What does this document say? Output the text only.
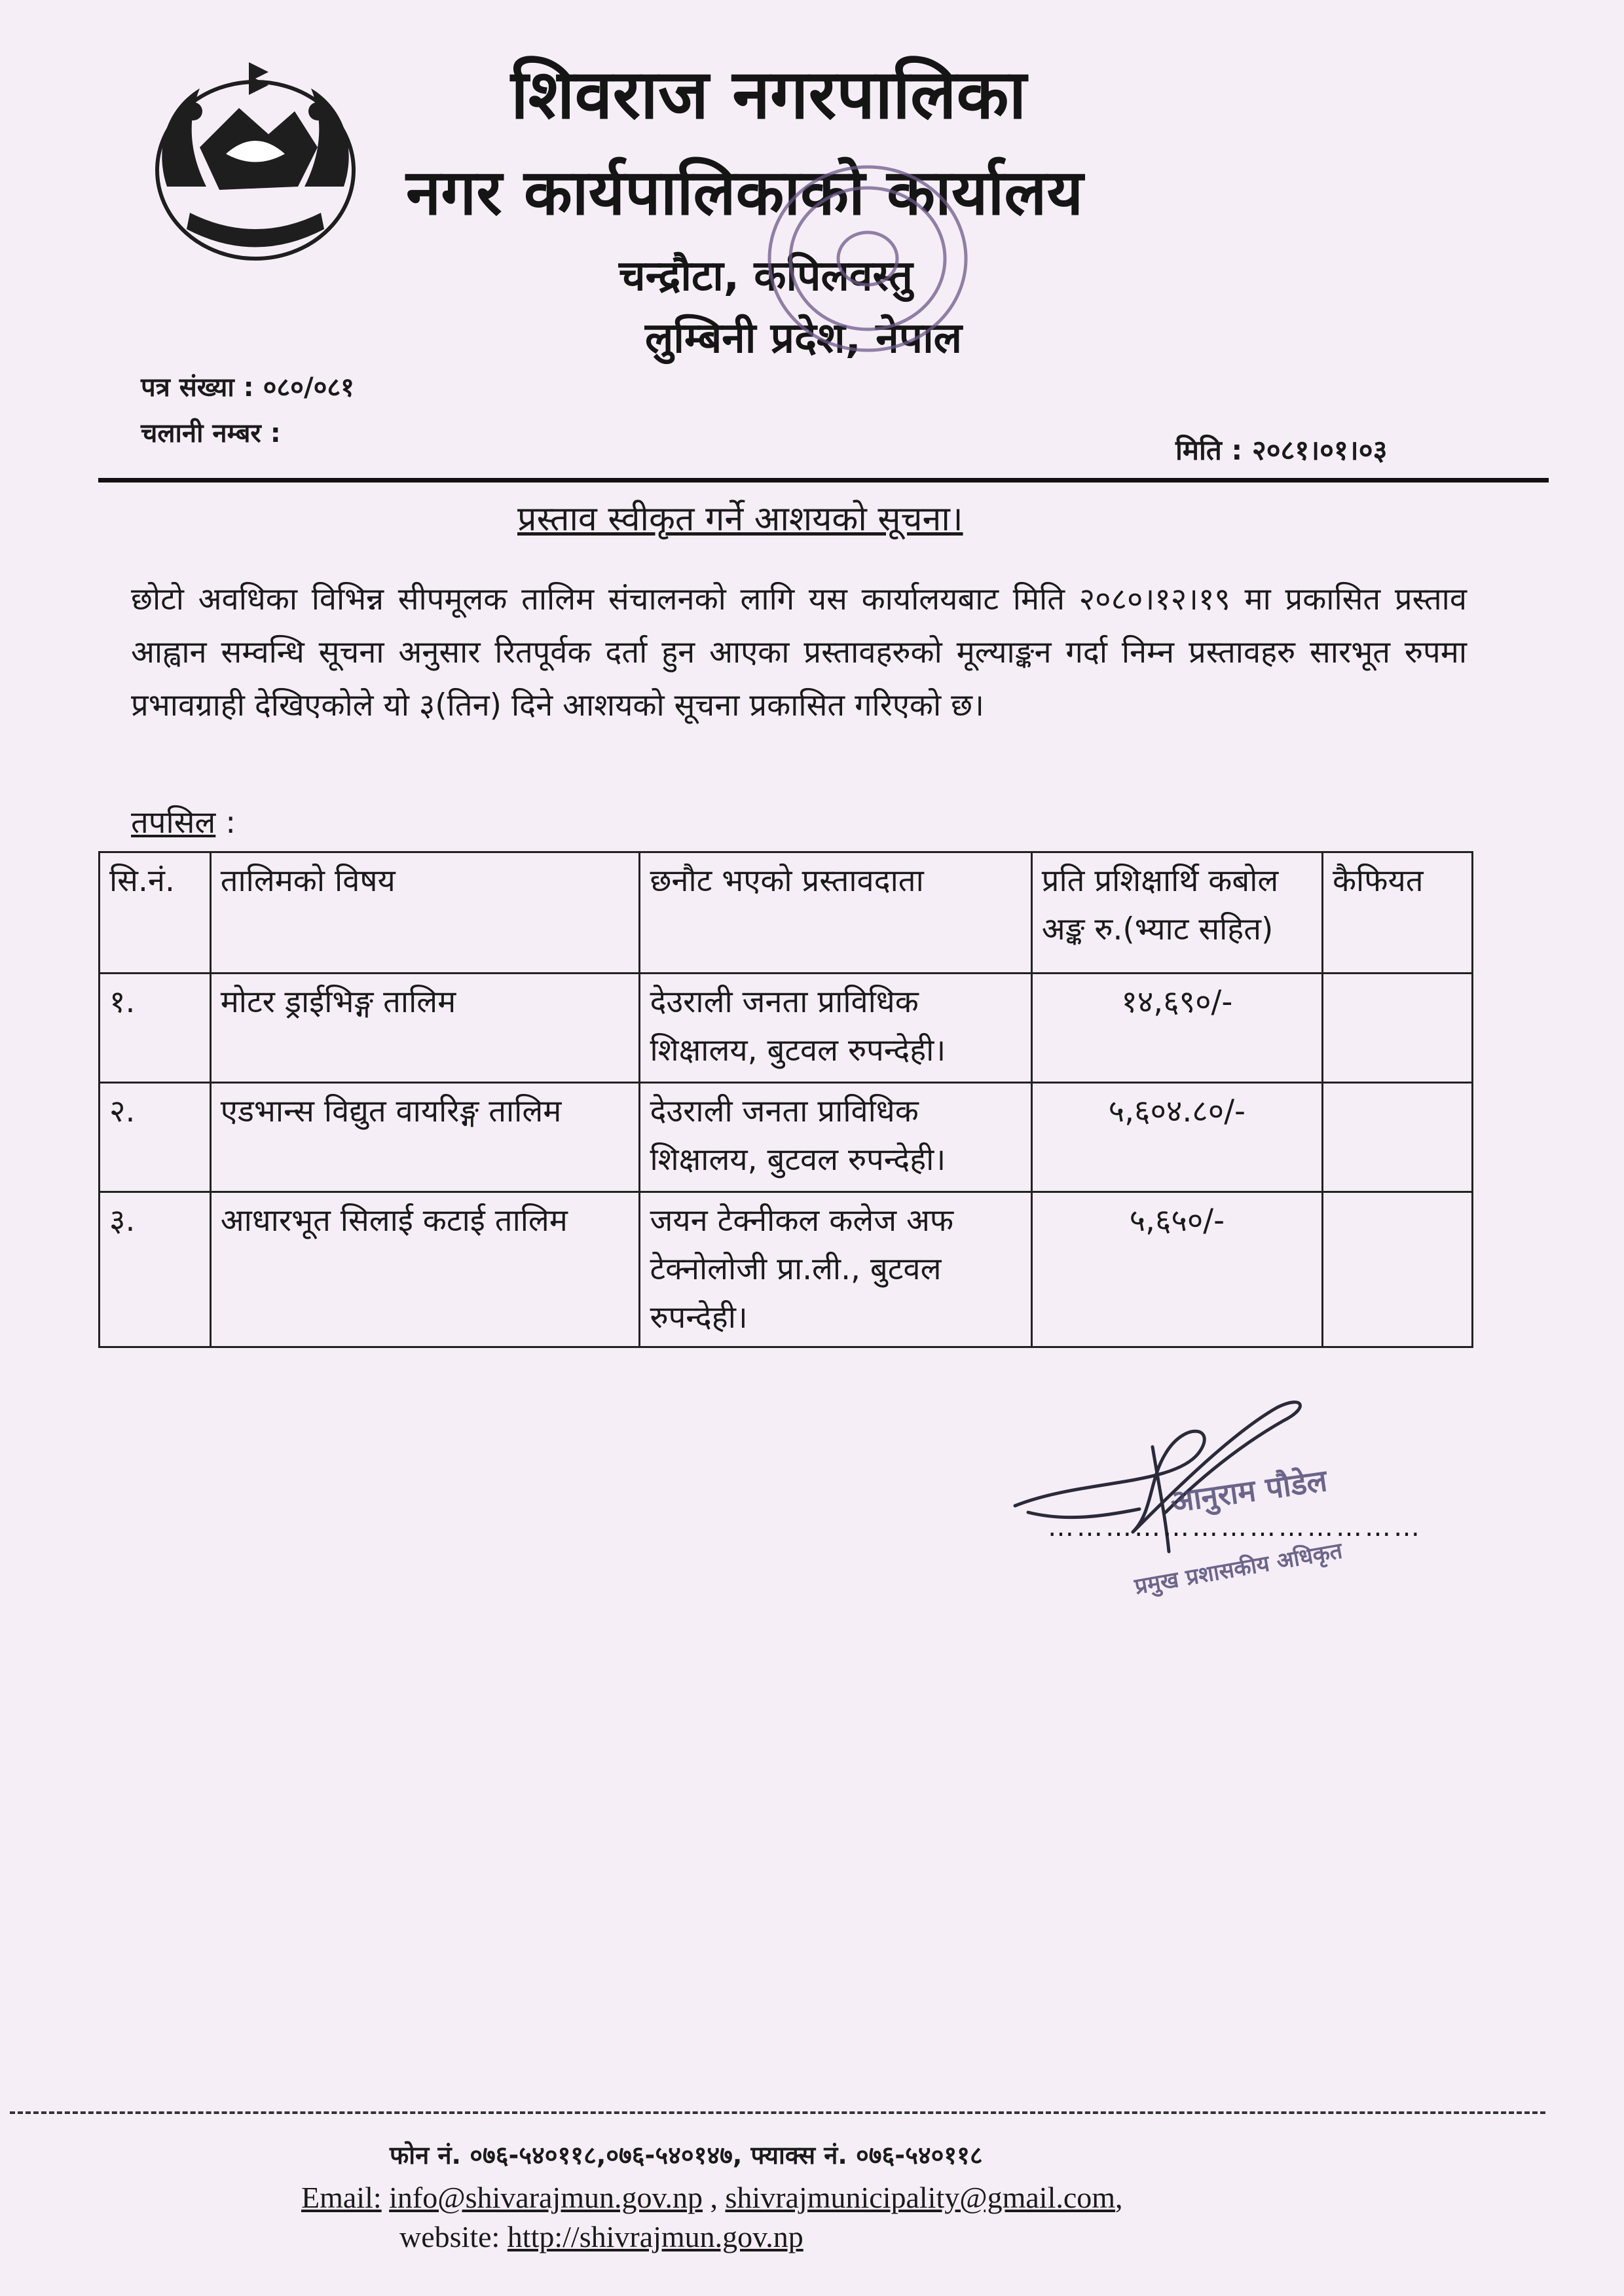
शिवराज नगरपालिका
नगर कार्यपालिकाको कार्यालय
चन्द्रौटा, कपिलवस्तु
लुम्बिनी प्रदेश, नेपाल
पत्र संख्या : ०८०/०८१
चलानी नम्बर :
मिति : २०८१।०१।०३
प्रस्ताव स्वीकृत गर्ने आशयको सूचना।
छोटो अवधिका विभिन्न सीपमूलक तालिम संचालनको लागि यस कार्यालयबाट मिति २०८०।१२।१९ मा प्रकासित प्रस्ताव आह्वान सम्वन्धि सूचना अनुसार रितपूर्वक दर्ता हुन आएका प्रस्तावहरुको मूल्याङ्कन गर्दा निम्न प्रस्तावहरु सारभूत रुपमा प्रभावग्राही देखिएकोले यो ३(तिन) दिने आशयको सूचना प्रकासित गरिएको छ।
तपसिल :
सि.नं.	तालिमको विषय	छनौट भएको प्रस्तावदाता	प्रति प्रशिक्षार्थि कबोल अङ्क रु.(भ्याट सहित)	कैफियत
१.	मोटर ड्राईभिङ्ग तालिम	देउराली जनता प्राविधिक शिक्षालय, बुटवल रुपन्देही।	१४,६९०/-	
२.	एडभान्स विद्युत वायरिङ्ग तालिम	देउराली जनता प्राविधिक शिक्षालय, बुटवल रुपन्देही।	५,६०४.८०/-	
३.	आधारभूत सिलाई कटाई तालिम	जयन टेक्नीकल कलेज अफ टेक्नोलोजी प्रा.ली., बुटवल रुपन्देही।	५,६५०/-	
आनुराम पौडेल
प्रमुख प्रशासकीय अधिकृत
…………………………………
फोन नं. ०७६-५४०११८,०७६-५४०१४७, फ्याक्स नं. ०७६-५४०११८
Email: info@shivarajmun.gov.np , shivrajmunicipality@gmail.com,
website: http://shivrajmun.gov.np
